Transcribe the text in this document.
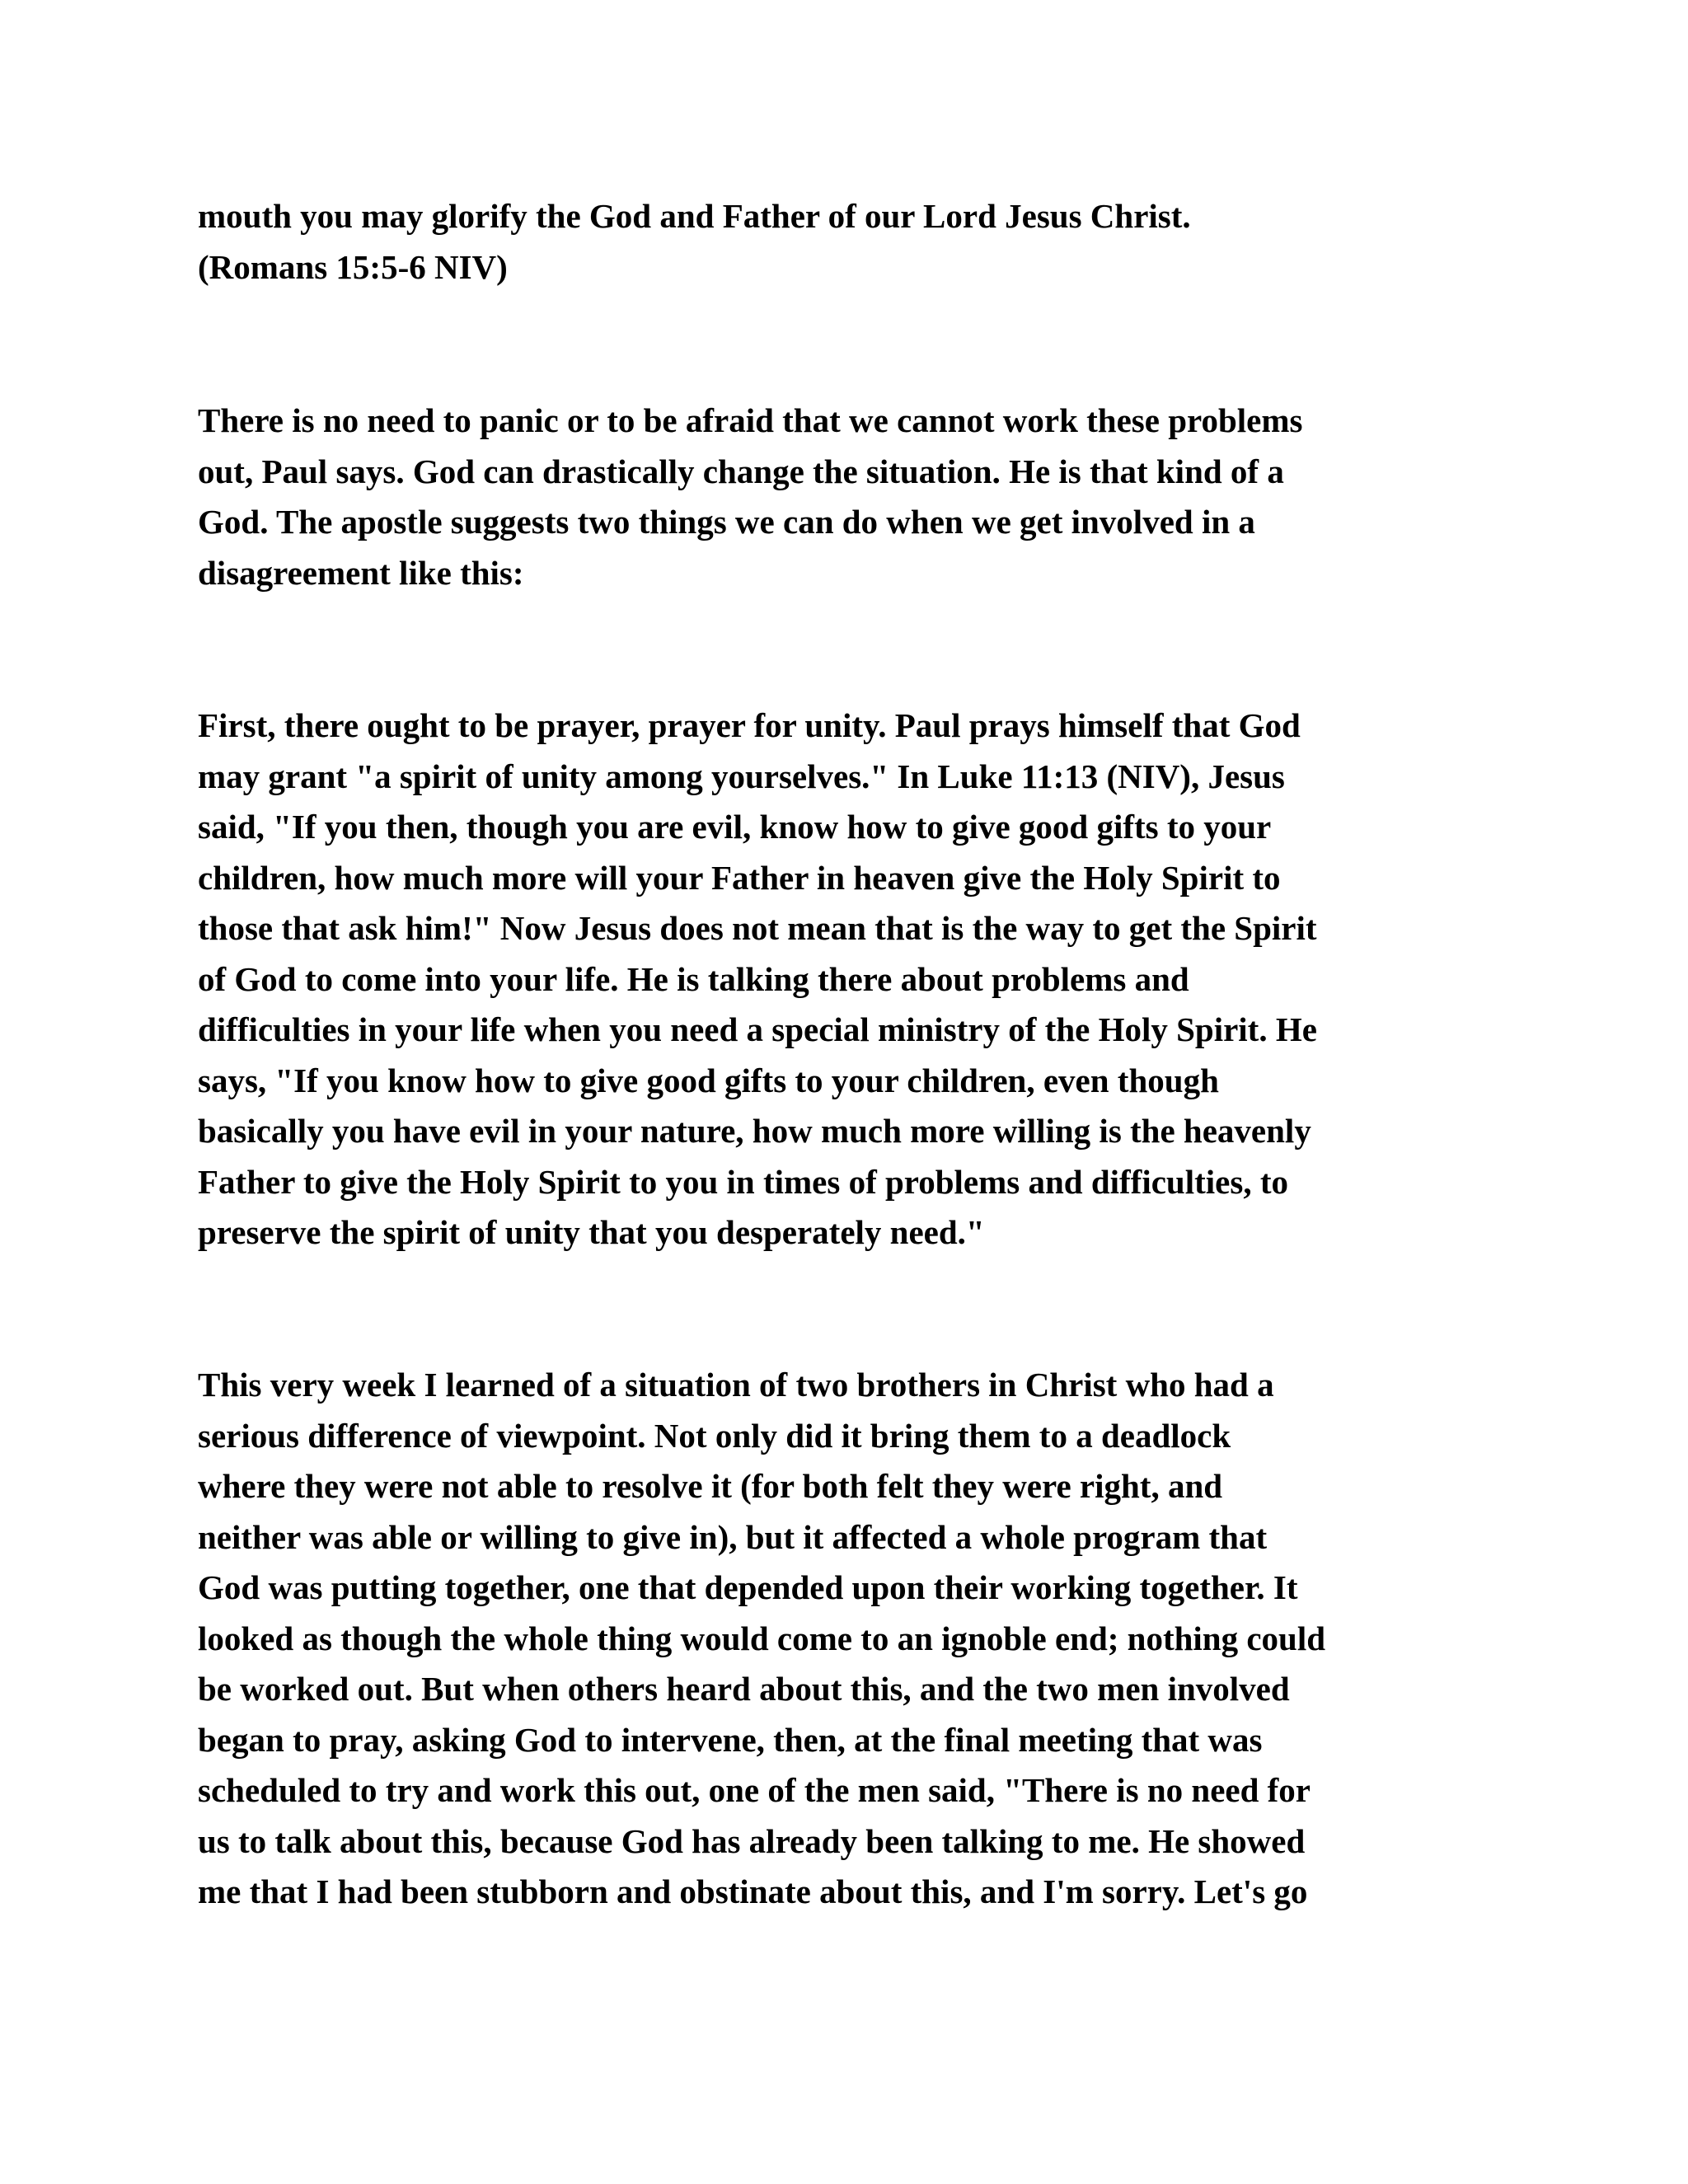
mouth you may glorify the God and Father of our Lord Jesus Christ.
(Romans 15:5-6 NIV)

There is no need to panic or to be afraid that we cannot work these problems
out, Paul says. God can drastically change the situation. He is that kind of a
God. The apostle suggests two things we can do when we get involved in a
disagreement like this:

First, there ought to be prayer, prayer for unity. Paul prays himself that God
may grant "a spirit of unity among yourselves." In Luke 11:13 (NIV), Jesus
said, "If you then, though you are evil, know how to give good gifts to your
children, how much more will your Father in heaven give the Holy Spirit to
those that ask him!" Now Jesus does not mean that is the way to get the Spirit
of God to come into your life. He is talking there about problems and
difficulties in your life when you need a special ministry of the Holy Spirit. He
says, "If you know how to give good gifts to your children, even though
basically you have evil in your nature, how much more willing is the heavenly
Father to give the Holy Spirit to you in times of problems and difficulties, to
preserve the spirit of unity that you desperately need."

This very week I learned of a situation of two brothers in Christ who had a
serious difference of viewpoint. Not only did it bring them to a deadlock
where they were not able to resolve it (for both felt they were right, and
neither was able or willing to give in), but it affected a whole program that
God was putting together, one that depended upon their working together. It
looked as though the whole thing would come to an ignoble end; nothing could
be worked out. But when others heard about this, and the two men involved
began to pray, asking God to intervene, then, at the final meeting that was
scheduled to try and work this out, one of the men said, "There is no need for
us to talk about this, because God has already been talking to me. He showed
me that I had been stubborn and obstinate about this, and I'm sorry. Let's go
